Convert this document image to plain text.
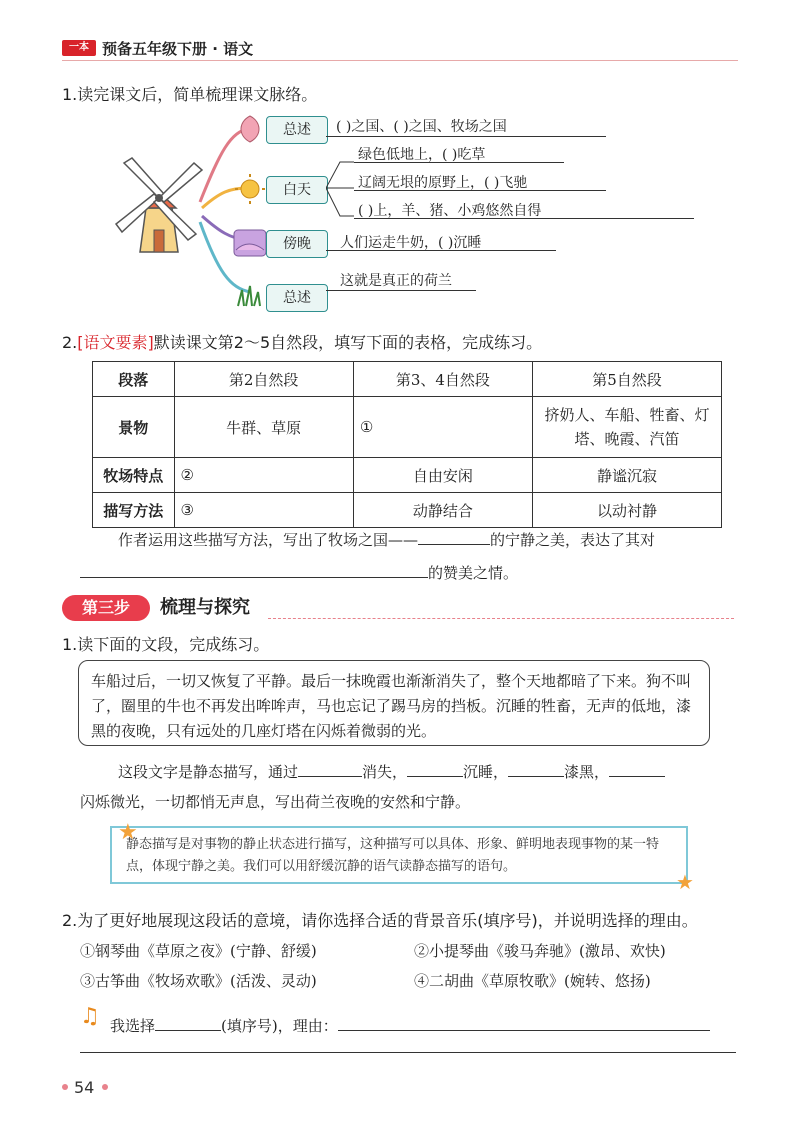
一本 预备五年级下册 · 语文
1.读完课文后，简单梳理课文脉络。
总述
白天
傍晚
总述
( )之国、( )之国、牧场之国
绿色低地上，( )吃草
辽阔无垠的原野上，( )飞驰
( )上，羊、猪、小鸡悠然自得
人们运走牛奶，( )沉睡
这就是真正的荷兰
2.[语文要素]默读课文第2～5自然段，填写下面的表格，完成练习。
段落	第2自然段	第3、4自然段	第5自然段
景物	牛群、草原	①	挤奶人、车船、牲畜、灯塔、晚霞、汽笛
牧场特点	②	自由安闲	静谧沉寂
描写方法	③	动静结合	以动衬静
作者运用这些描写方法，写出了牧场之国——	的宁静之美，表达了其对
的赞美之情。
第三步	梳理与探究
1.读下面的文段，完成练习。
车船过后，一切又恢复了平静。最后一抹晚霞也渐渐消失了，整个天地都暗了下来。狗不叫了，圈里的牛也不再发出哞哞声，马也忘记了踢马房的挡板。沉睡的牲畜，无声的低地，漆黑的夜晚，只有远处的几座灯塔在闪烁着微弱的光。
这段文字是静态描写，通过	消失，	沉睡，	漆黑，
闪烁微光，一切都悄无声息，写出荷兰夜晚的安然和宁静。
静态描写是对事物的静止状态进行描写，这种描写可以具体、形象、鲜明地表现事物的某一特点，体现宁静之美。我们可以用舒缓沉静的语气读静态描写的语句。
★
★
2.为了更好地展现这段话的意境，请你选择合适的背景音乐(填序号)，并说明选择的理由。
①钢琴曲《草原之夜》(宁静、舒缓)	②小提琴曲《骏马奔驰》(激昂、欢快)
③古筝曲《牧场欢歌》(活泼、灵动)	④二胡曲《草原牧歌》(婉转、悠扬)
♫ 我选择	(填序号)，理由：
54
